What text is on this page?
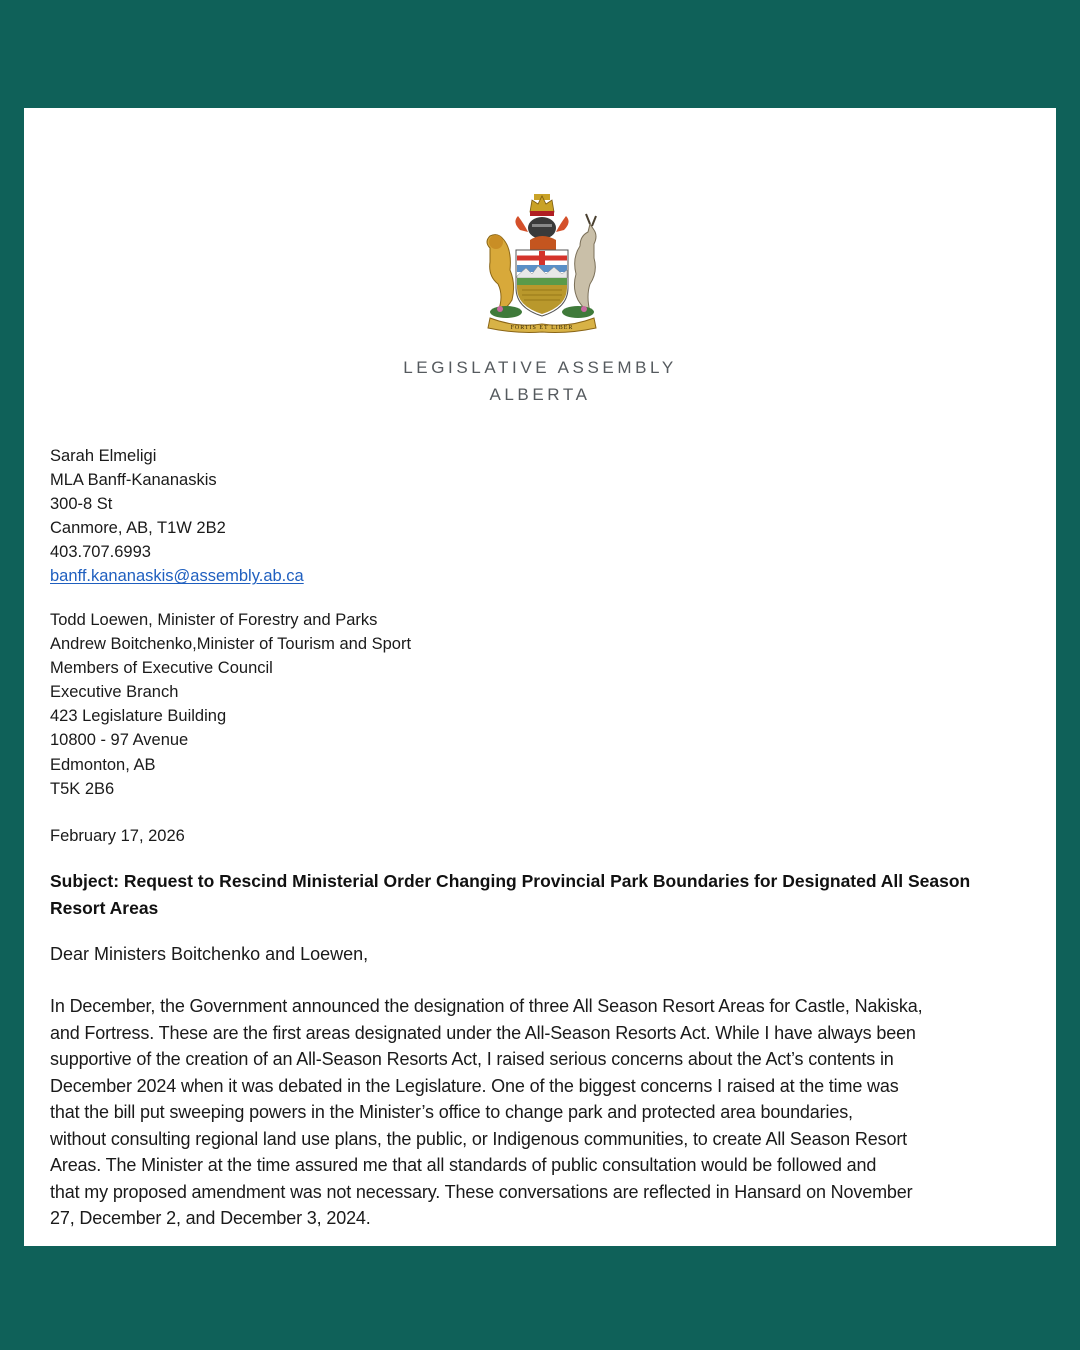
FORTIS ET LIBER
LEGISLATIVE ASSEMBLY
ALBERTA
Sarah Elmeligi
MLA Banff-Kananaskis
300-8 St
Canmore, AB, T1W 2B2
403.707.6993
banff.kananaskis@assembly.ab.ca
Todd Loewen, Minister of Forestry and Parks
Andrew Boitchenko,Minister of Tourism and Sport
Members of Executive Council
Executive Branch
423 Legislature Building
10800 - 97 Avenue
Edmonton, AB
T5K 2B6
February 17, 2026
Subject: Request to Rescind Ministerial Order Changing Provincial Park Boundaries for Designated All Season
Resort Areas
Dear Ministers Boitchenko and Loewen,
In December, the Government announced the designation of three All Season Resort Areas for Castle, Nakiska,
and Fortress. These are the first areas designated under the All-Season Resorts Act. While I have always been
supportive of the creation of an All-Season Resorts Act, I raised serious concerns about the Act’s contents in
December 2024 when it was debated in the Legislature. One of the biggest concerns I raised at the time was
that the bill put sweeping powers in the Minister’s office to change park and protected area boundaries,
without consulting regional land use plans, the public, or Indigenous communities, to create All Season Resort
Areas. The Minister at the time assured me that all standards of public consultation would be followed and
that my proposed amendment was not necessary. These conversations are reflected in Hansard on November
27, December 2, and December 3, 2024.
